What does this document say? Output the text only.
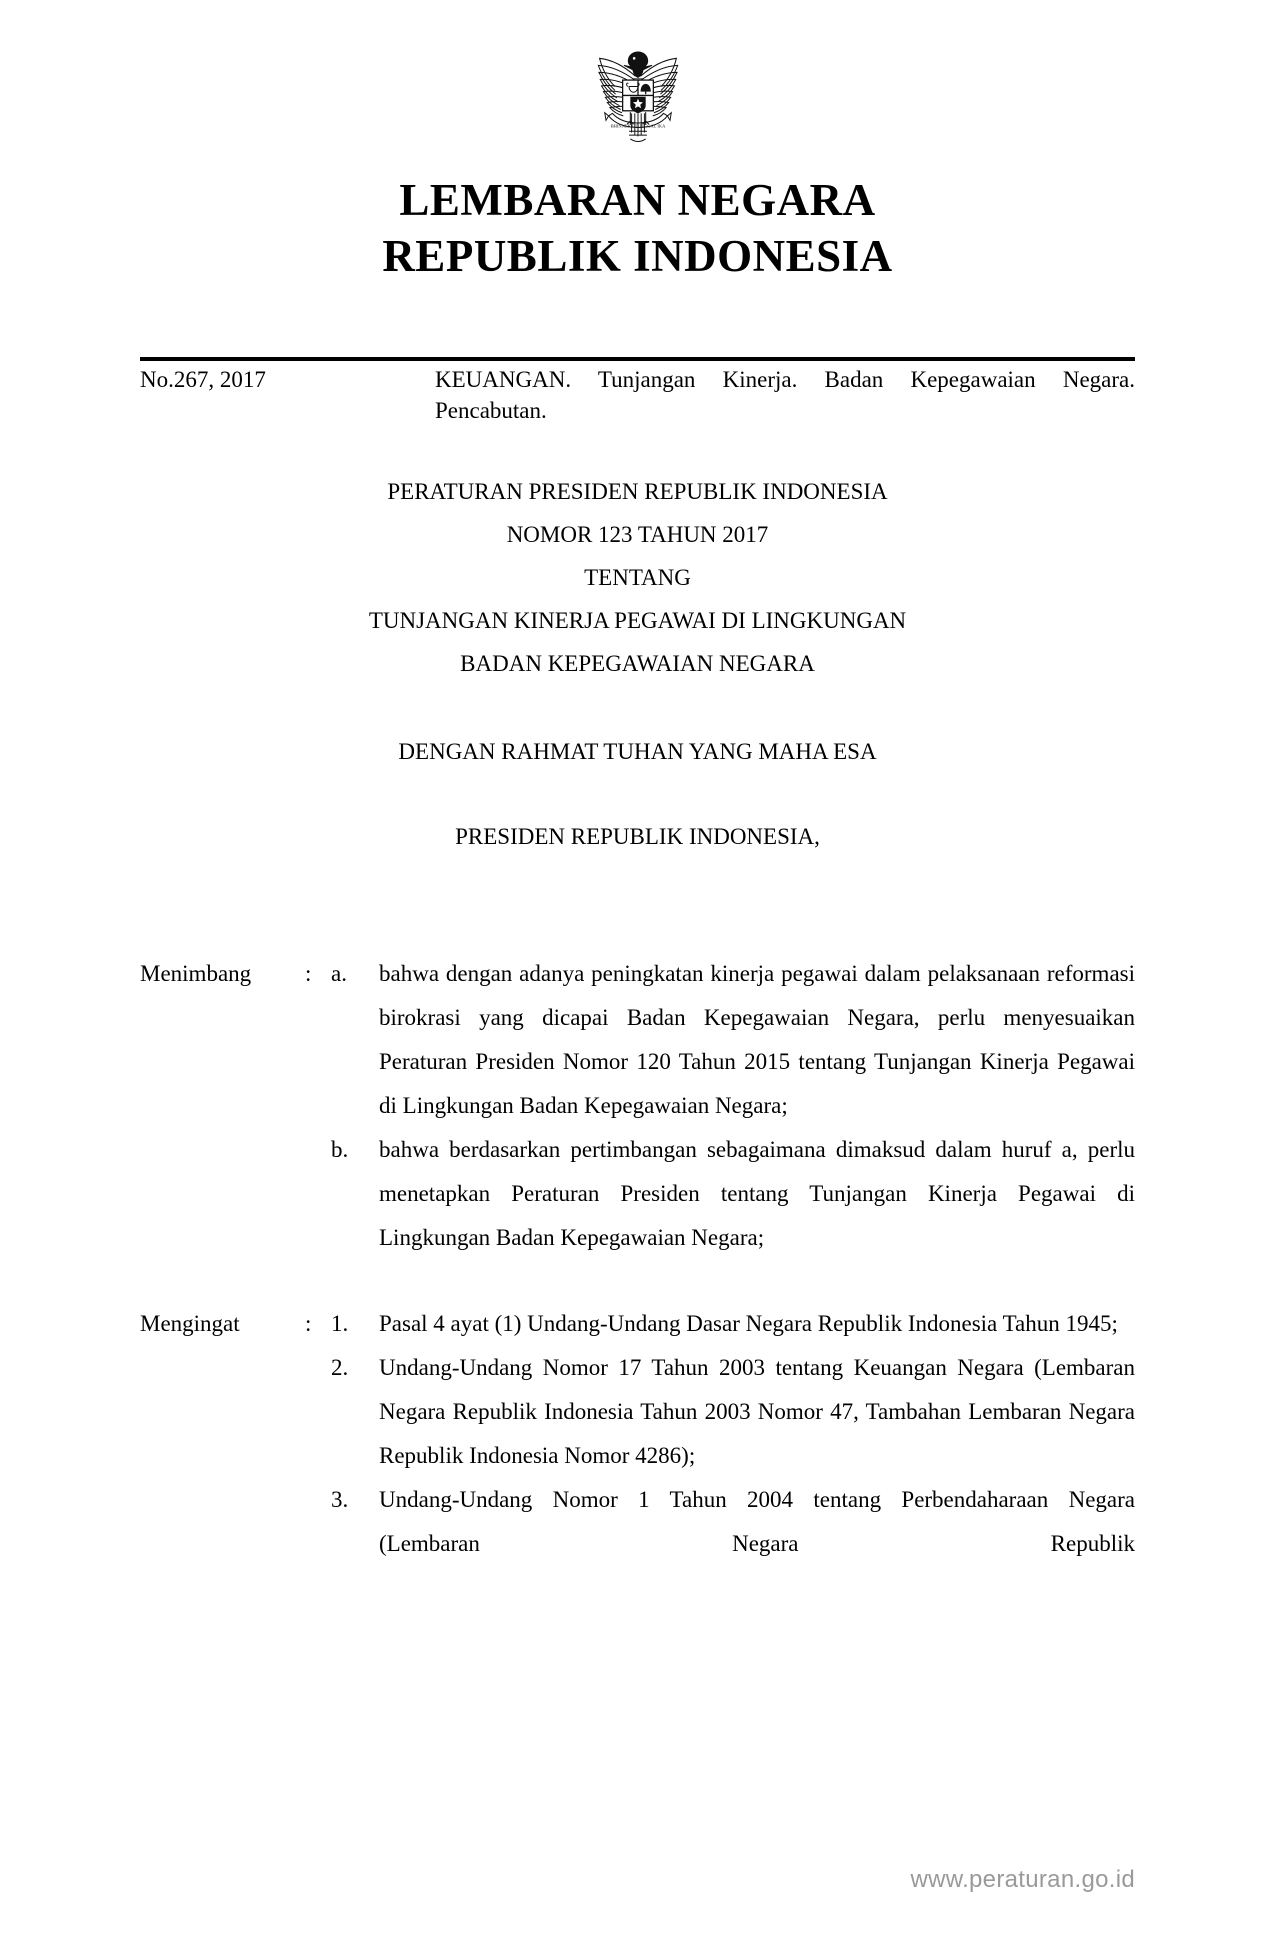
BHINNEKA TUNGGAL IKA
LEMBARAN NEGARA
REPUBLIK INDONESIA
No.267, 2017	KEUANGAN. Tunjangan Kinerja. Badan Kepegawaian Negara. Pencabutan.
PERATURAN PRESIDEN REPUBLIK INDONESIA
NOMOR 123 TAHUN 2017
TENTANG
TUNJANGAN KINERJA PEGAWAI DI LINGKUNGAN
BADAN KEPEGAWAIAN NEGARA
DENGAN RAHMAT TUHAN YANG MAHA ESA
PRESIDEN REPUBLIK INDONESIA,
Menimbang	: a.	bahwa dengan adanya peningkatan kinerja pegawai dalam pelaksanaan reformasi birokrasi yang dicapai Badan Kepegawaian Negara, perlu menyesuaikan Peraturan Presiden Nomor 120 Tahun 2015 tentang Tunjangan Kinerja Pegawai di Lingkungan Badan Kepegawaian Negara;
b.	bahwa berdasarkan pertimbangan sebagaimana dimaksud dalam huruf a, perlu menetapkan Peraturan Presiden tentang Tunjangan Kinerja Pegawai di Lingkungan Badan Kepegawaian Negara;
Mengingat	: 1.	Pasal 4 ayat (1) Undang-Undang Dasar Negara Republik Indonesia Tahun 1945;
2.	Undang-Undang Nomor 17 Tahun 2003 tentang Keuangan Negara (Lembaran Negara Republik Indonesia Tahun 2003 Nomor 47, Tambahan Lembaran Negara Republik Indonesia Nomor 4286);
3.	Undang-Undang Nomor 1 Tahun 2004 tentang Perbendaharaan Negara (Lembaran Negara Republik
www.peraturan.go.id
